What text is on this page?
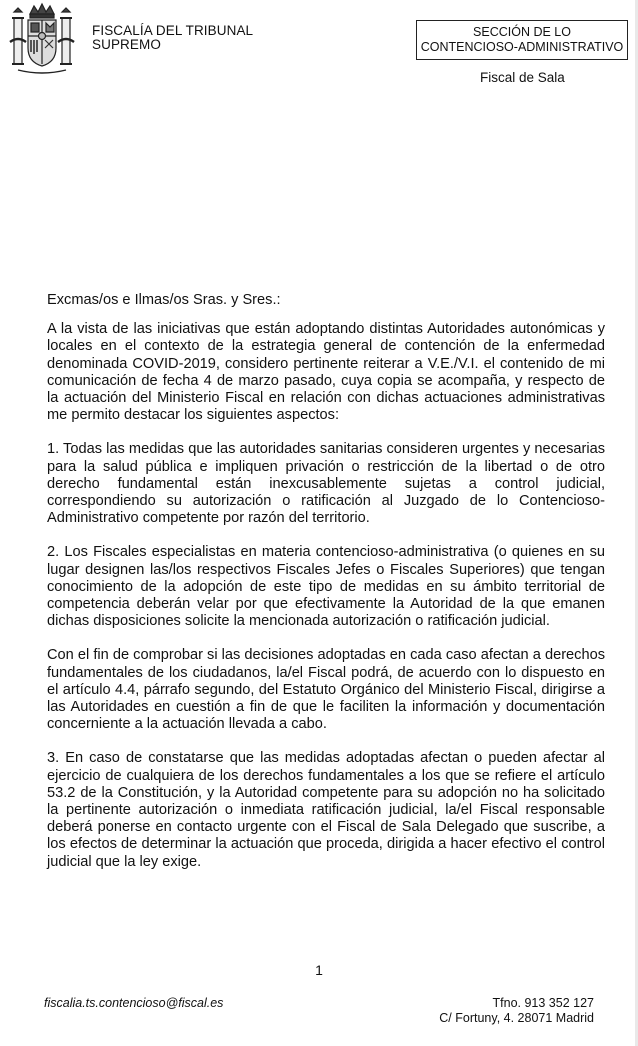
FISCALÍA DEL TRIBUNAL
SUPREMO
SECCIÓN DE LO
CONTENCIOSO-ADMINISTRATIVO
Fiscal de Sala

Excmas/os e Ilmas/os Sras. y Sres.:

A la vista de las iniciativas que están adoptando distintas Autoridades autonómicas y locales en el contexto de la estrategia general de contención de la enfermedad denominada COVID-2019, considero pertinente reiterar a V.E./V.I. el contenido de mi comunicación de fecha 4 de marzo pasado, cuya copia se acompaña, y respecto de la actuación del Ministerio Fiscal en relación con dichas actuaciones administrativas me permito destacar los siguientes aspectos:

1. Todas las medidas que las autoridades sanitarias consideren urgentes y necesarias para la salud pública e impliquen privación o restricción de la libertad o de otro derecho fundamental están inexcusablemente sujetas a control judicial, correspondiendo su autorización o ratificación al Juzgado de lo Contencioso-Administrativo competente por razón del territorio.

2. Los Fiscales especialistas en materia contencioso-administrativa (o quienes en su lugar designen las/los respectivos Fiscales Jefes o Fiscales Superiores) que tengan conocimiento de la adopción de este tipo de medidas en su ámbito territorial de competencia deberán velar por que efectivamente la Autoridad de la que emanen dichas disposiciones solicite la mencionada autorización o ratificación judicial.

Con el fin de comprobar si las decisiones adoptadas en cada caso afectan a derechos fundamentales de los ciudadanos, la/el Fiscal podrá, de acuerdo con lo dispuesto en el artículo 4.4, párrafo segundo, del Estatuto Orgánico del Ministerio Fiscal, dirigirse a las Autoridades en cuestión a fin de que le faciliten la información y documentación concerniente a la actuación llevada a cabo.

3. En caso de constatarse que las medidas adoptadas afectan o pueden afectar al ejercicio de cualquiera de los derechos fundamentales a los que se refiere el artículo 53.2 de la Constitución, y la Autoridad competente para su adopción no ha solicitado la pertinente autorización o inmediata ratificación judicial, la/el Fiscal responsable deberá ponerse en contacto urgente con el Fiscal de Sala Delegado que suscribe, a los efectos de determinar la actuación que proceda, dirigida a hacer efectivo el control judicial que la ley exige.

1
fiscalia.ts.contencioso@fiscal.es	Tfno. 913 352 127
C/ Fortuny, 4. 28071 Madrid
